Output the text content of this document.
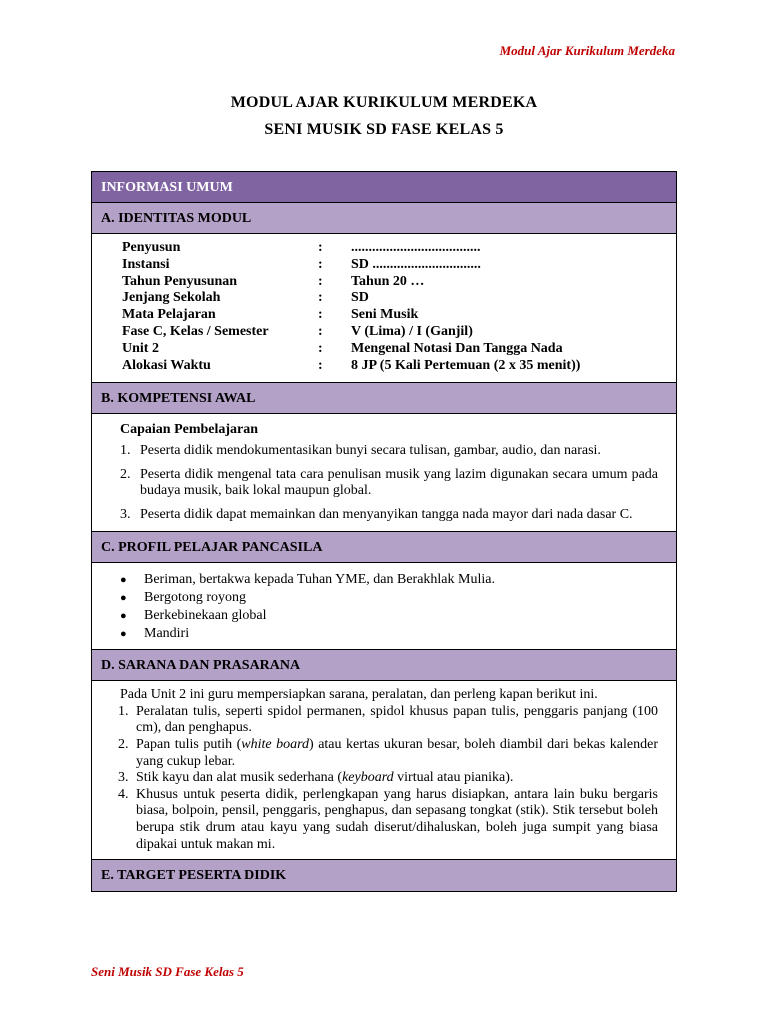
Modul Ajar Kurikulum Merdeka
MODUL AJAR KURIKULUM MERDEKA
SENI MUSIK SD FASE KELAS 5
INFORMASI UMUM
A. IDENTITAS MODUL
Penyusun	:	.....................................
Instansi	:	SD ...............................
Tahun Penyusunan	:	Tahun 20 …
Jenjang Sekolah	:	SD
Mata Pelajaran	:	Seni Musik
Fase C, Kelas / Semester	:	V (Lima) / I (Ganjil)
Unit 2	:	Mengenal Notasi Dan Tangga Nada
Alokasi Waktu	:	8 JP (5 Kali Pertemuan (2 x 35 menit))
B. KOMPETENSI AWAL
Capaian Pembelajaran
1. Peserta didik mendokumentasikan bunyi secara tulisan, gambar, audio, dan narasi.
2. Peserta didik mengenal tata cara penulisan musik yang lazim digunakan secara umum pada budaya musik, baik lokal maupun global.
3. Peserta didik dapat memainkan dan menyanyikan tangga nada mayor dari nada dasar C.
C. PROFIL PELAJAR PANCASILA
●	Beriman, bertakwa kepada Tuhan YME, dan Berakhlak Mulia.
●	Bergotong royong
●	Berkebinekaan global
●	Mandiri
D. SARANA DAN PRASARANA
Pada Unit 2 ini guru mempersiapkan sarana, peralatan, dan perleng kapan berikut ini.
1. Peralatan tulis, seperti spidol permanen, spidol khusus papan tulis, penggaris panjang (100 cm), dan penghapus.
2. Papan tulis putih (white board) atau kertas ukuran besar, boleh diambil dari bekas kalender yang cukup lebar.
3. Stik kayu dan alat musik sederhana (keyboard virtual atau pianika).
4. Khusus untuk peserta didik, perlengkapan yang harus disiapkan, antara lain buku bergaris biasa, bolpoin, pensil, penggaris, penghapus, dan sepasang tongkat (stik). Stik tersebut boleh berupa stik drum atau kayu yang sudah diserut/dihaluskan, boleh juga sumpit yang biasa dipakai untuk makan mi.
E. TARGET PESERTA DIDIK
Seni Musik SD Fase Kelas 5
